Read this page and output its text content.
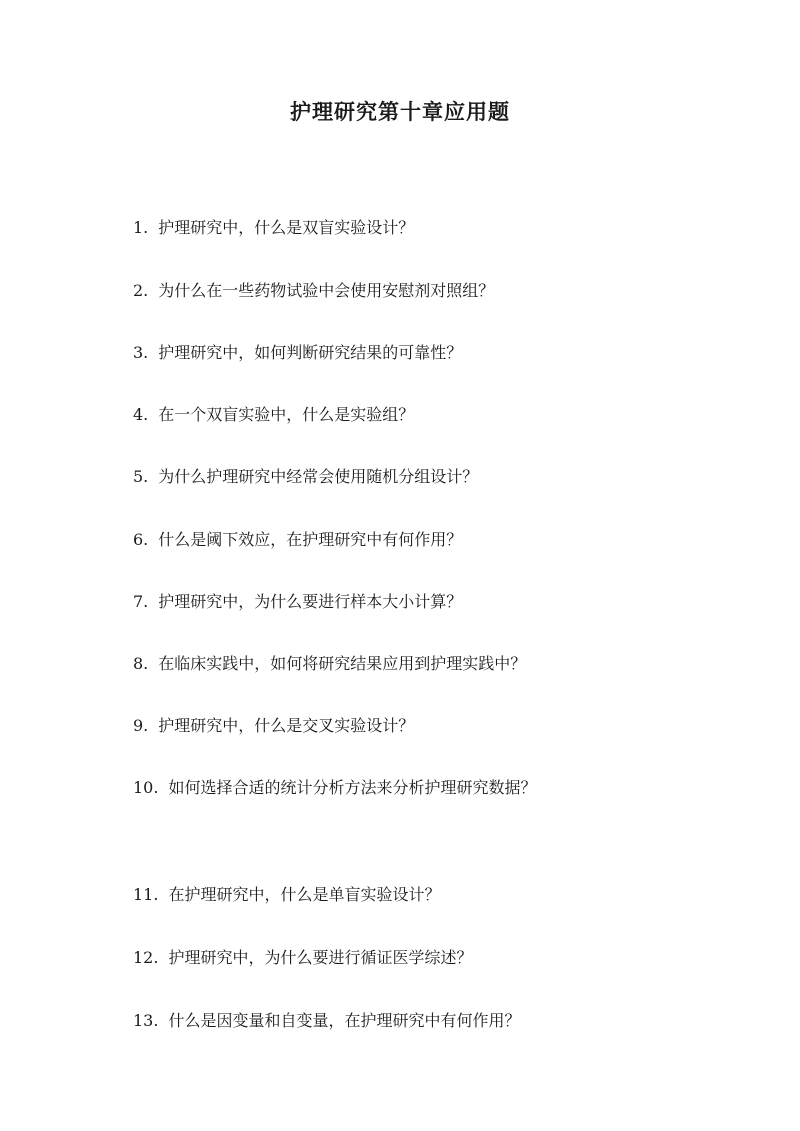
护理研究第十章应用题
1. 护理研究中，什么是双盲实验设计？
2. 为什么在一些药物试验中会使用安慰剂对照组？
3. 护理研究中，如何判断研究结果的可靠性？
4. 在一个双盲实验中，什么是实验组？
5. 为什么护理研究中经常会使用随机分组设计？
6. 什么是阈下效应，在护理研究中有何作用？
7. 护理研究中，为什么要进行样本大小计算？
8. 在临床实践中，如何将研究结果应用到护理实践中？
9. 护理研究中，什么是交叉实验设计？
10. 如何选择合适的统计分析方法来分析护理研究数据？
11. 在护理研究中，什么是单盲实验设计？
12. 护理研究中，为什么要进行循证医学综述？
13. 什么是因变量和自变量，在护理研究中有何作用？
